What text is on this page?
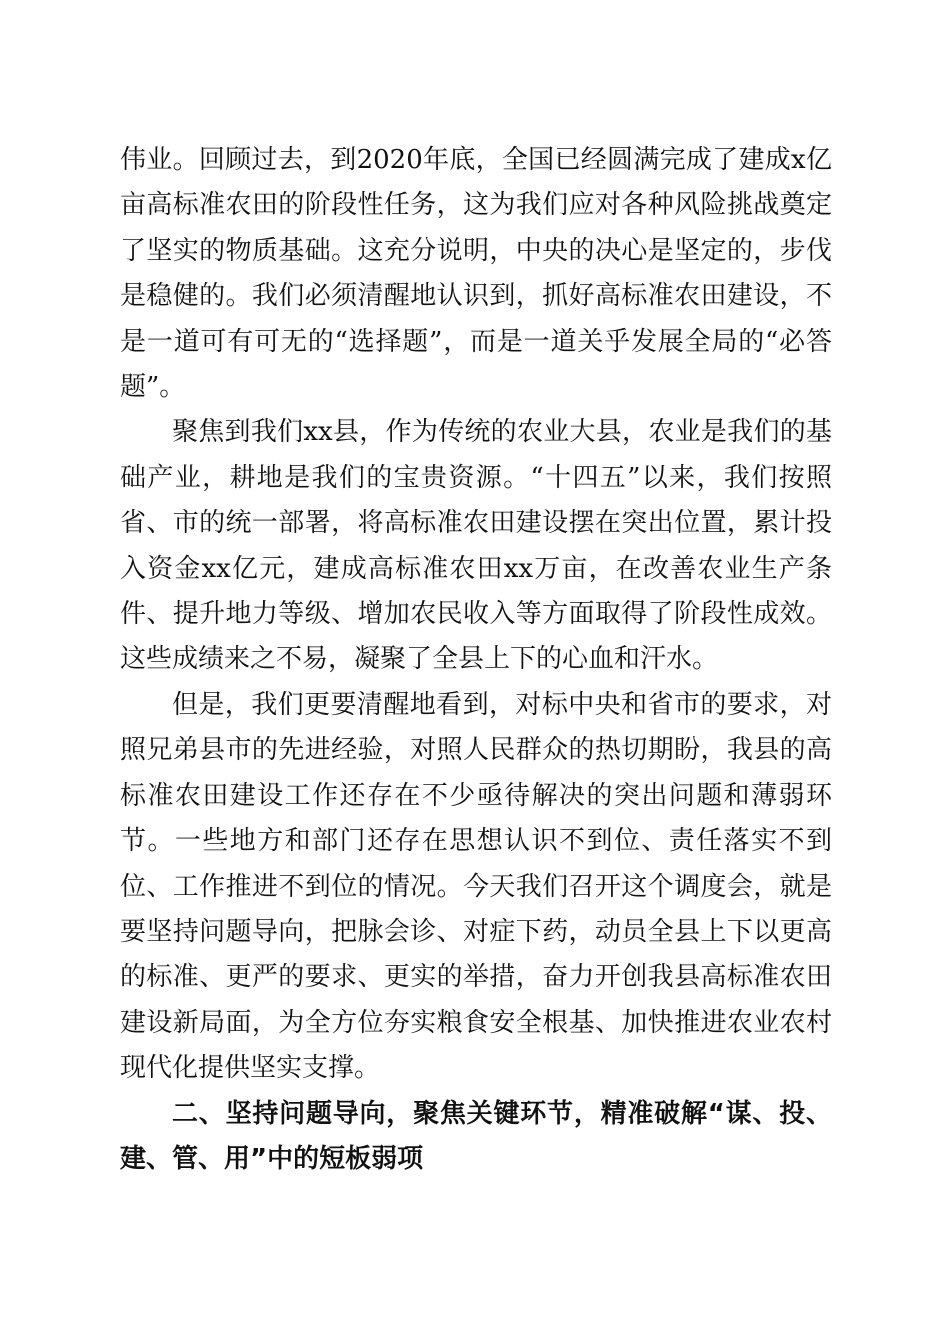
伟业。回顾过去，到2020年底，全国已经圆满完成了建成x亿亩高标准农田的阶段性任务，这为我们应对各种风险挑战奠定了坚实的物质基础。这充分说明，中央的决心是坚定的，步伐是稳健的。我们必须清醒地认识到，抓好高标准农田建设，不是一道可有可无的“选择题”，而是一道关乎发展全局的“必答题”。

聚焦到我们xx县，作为传统的农业大县，农业是我们的基础产业，耕地是我们的宝贵资源。“十四五”以来，我们按照省、市的统一部署，将高标准农田建设摆在突出位置，累计投入资金xx亿元，建成高标准农田xx万亩，在改善农业生产条件、提升地力等级、增加农民收入等方面取得了阶段性成效。这些成绩来之不易，凝聚了全县上下的心血和汗水。

但是，我们更要清醒地看到，对标中央和省市的要求，对照兄弟县市的先进经验，对照人民群众的热切期盼，我县的高标准农田建设工作还存在不少亟待解决的突出问题和薄弱环节。一些地方和部门还存在思想认识不到位、责任落实不到位、工作推进不到位的情况。今天我们召开这个调度会，就是要坚持问题导向，把脉会诊、对症下药，动员全县上下以更高的标准、更严的要求、更实的举措，奋力开创我县高标准农田建设新局面，为全方位夯实粮食安全根基、加快推进农业农村现代化提供坚实支撑。

二、坚持问题导向，聚焦关键环节，精准破解“谋、投、建、管、用”中的短板弱项
